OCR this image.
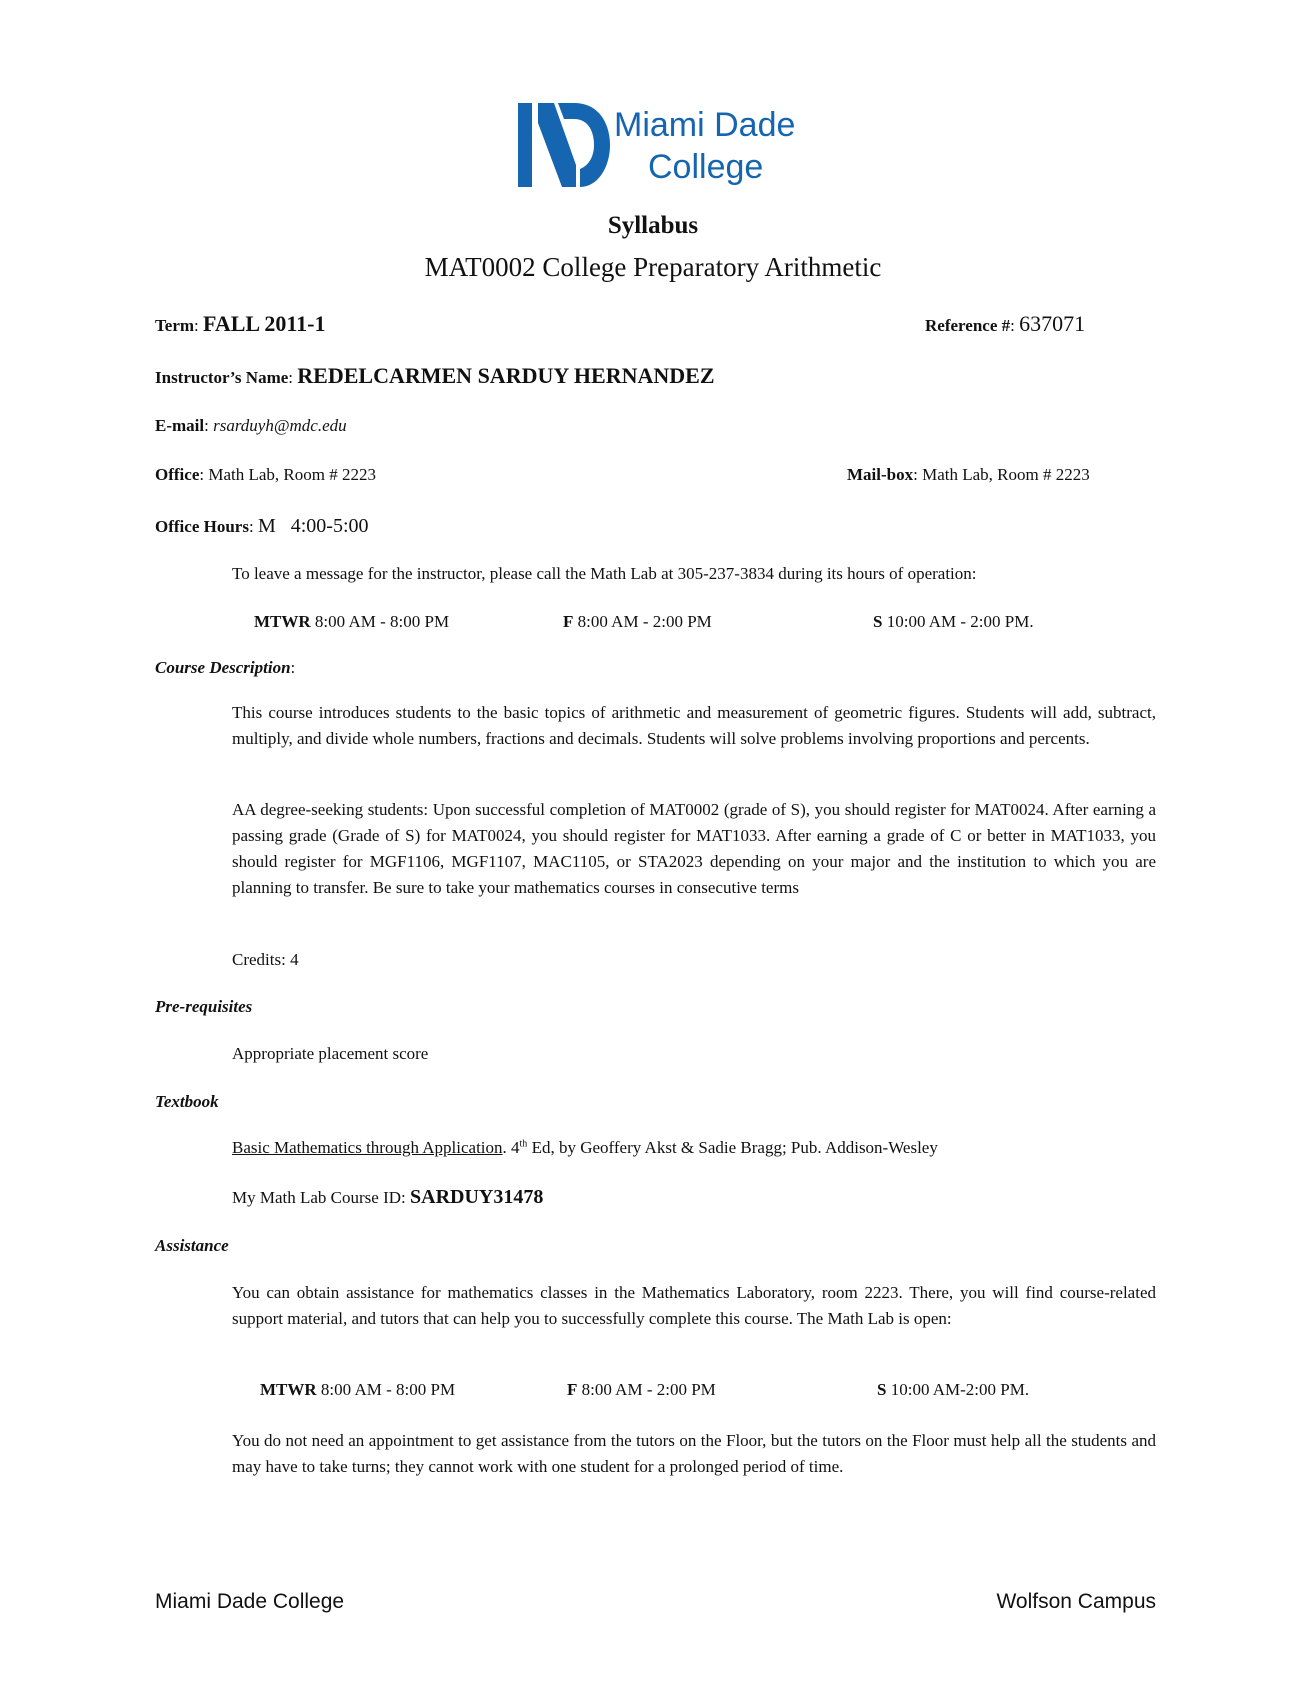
Miami Dade
College
Syllabus
MAT0002 College Preparatory Arithmetic
Term: FALL 2011-1	Reference #: 637071
Instructor’s Name: REDELCARMEN SARDUY HERNANDEZ
E-mail: rsarduyh@mdc.edu
Office: Math Lab, Room # 2223	Mail-box: Math Lab, Room # 2223
Office Hours: M   4:00-5:00
To leave a message for the instructor, please call the Math Lab at 305-237-3834 during its hours of operation:
MTWR 8:00 AM - 8:00 PM	F 8:00 AM - 2:00 PM	S 10:00 AM - 2:00 PM.
Course Description:
This course introduces students to the basic topics of arithmetic and measurement of geometric figures. Students will add, subtract, multiply, and divide whole numbers, fractions and decimals. Students will solve problems involving proportions and percents.
AA degree-seeking students: Upon successful completion of MAT0002 (grade of S), you should register for MAT0024. After earning a passing grade (Grade of S) for MAT0024, you should register for MAT1033. After earning a grade of C or better in MAT1033, you should register for MGF1106, MGF1107, MAC1105, or STA2023 depending on your major and the institution to which you are planning to transfer. Be sure to take your mathematics courses in consecutive terms
Credits: 4
Pre-requisites
Appropriate placement score
Textbook
Basic Mathematics through Application. 4th Ed, by Geoffery Akst & Sadie Bragg; Pub. Addison-Wesley
My Math Lab Course ID: SARDUY31478
Assistance
You can obtain assistance for mathematics classes in the Mathematics Laboratory, room 2223. There, you will find course-related support material, and tutors that can help you to successfully complete this course. The Math Lab is open:
MTWR 8:00 AM - 8:00 PM	F 8:00 AM - 2:00 PM	S 10:00 AM-2:00 PM.
You do not need an appointment to get assistance from the tutors on the Floor, but the tutors on the Floor must help all the students and may have to take turns; they cannot work with one student for a prolonged period of time.
Miami Dade College	Wolfson Campus
